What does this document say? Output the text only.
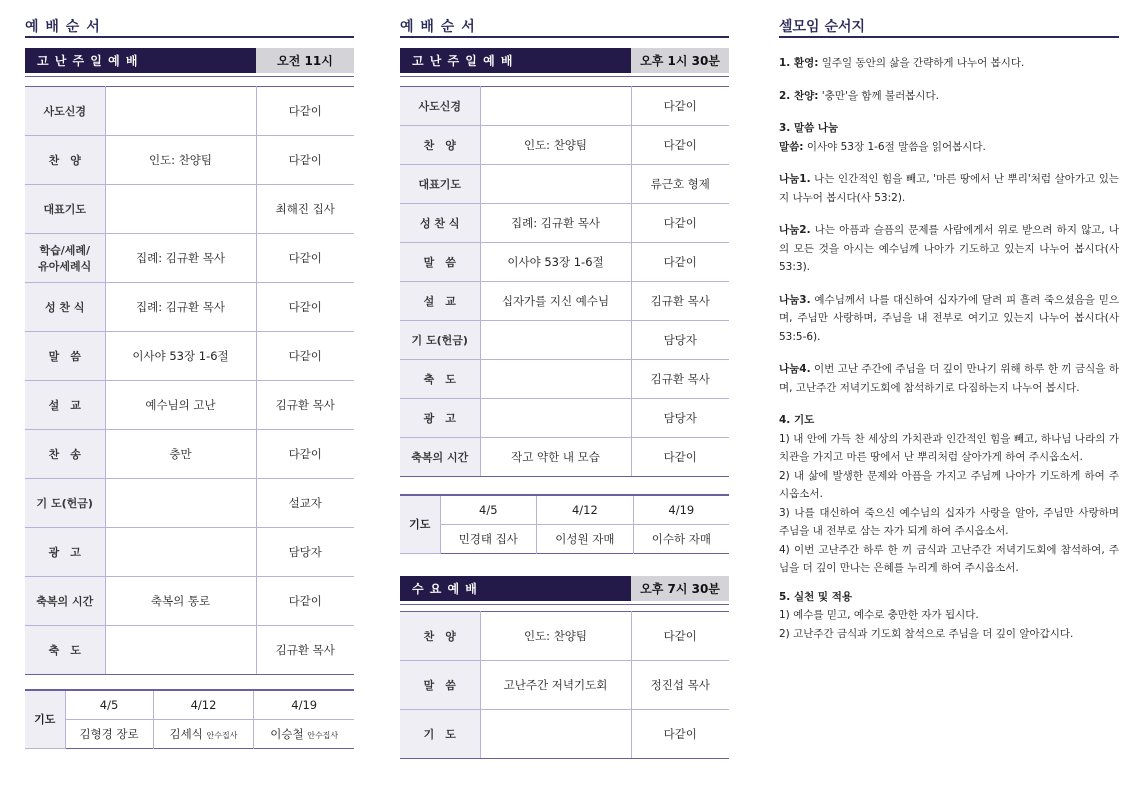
예 배 순 서
고 난 주 일 예 배	오전 11시
사도신경		다같이
찬　양	인도: 찬양팀	다같이
대표기도		최해진 집사
학습/세례/
유아세례식	집례: 김규환 목사	다같이
성 찬 식	집례: 김규환 목사	다같이
말　씀	이사야 53장 1-6절	다같이
설　교	예수님의 고난	김규환 목사
찬　송	충만	다같이
기 도(헌금)		설교자
광　고		담당자
축복의 시간	축복의 통로	다같이
축　도		김규환 목사
기도	4/5	4/12	4/19
	김형경 장로	김세식 안수집사	이승철 안수집사
예 배 순 서
고 난 주 일 예 배	오후 1시 30분
사도신경		다같이
찬　양	인도: 찬양팀	다같이
대표기도		류근호 형제
성 찬 식	집례: 김규환 목사	다같이
말　씀	이사야 53장 1-6절	다같이
설　교	십자가를 지신 예수님	김규환 목사
기 도(헌금)		담당자
축　도		김규환 목사
광　고		담당자
축복의 시간	작고 약한 내 모습	다같이
기도	4/5	4/12	4/19
	민경태 집사	이성원 자매	이수하 자매
수 요 예 배	오후 7시 30분
찬　양	인도: 찬양팀	다같이
말　씀	고난주간 저녁기도회	정진섭 목사
기　도		다같이
셀모임 순서지

1. 환영: 일주일 동안의 삶을 간략하게 나누어 봅시다.

2. 찬양: '충만'을 함께 불러봅시다.

3. 말씀 나눔
말씀: 이사야 53장 1-6절 말씀을 읽어봅시다.

나눔1. 나는 인간적인 힘을 빼고, '마른 땅에서 난 뿌리'처럼 살아가고 있는지 나누어 봅시다(사 53:2).

나눔2. 나는 아픔과 슬픔의 문제를 사람에게서 위로 받으려 하지 않고, 나의 모든 것을 아시는 예수님께 나아가 기도하고 있는지 나누어 봅시다(사 53:3).

나눔3. 예수님께서 나를 대신하여 십자가에 달려 피 흘려 죽으셨음을 믿으며, 주님만 사랑하며, 주님을 내 전부로 여기고 있는지 나누어 봅시다(사 53:5-6).

나눔4. 이번 고난 주간에 주님을 더 깊이 만나기 위해 하루 한 끼 금식을 하며, 고난주간 저녁기도회에 참석하기로 다짐하는지 나누어 봅시다.

4. 기도
1) 내 안에 가득 찬 세상의 가치관과 인간적인 힘을 빼고, 하나님 나라의 가치관을 가지고 마른 땅에서 난 뿌리처럼 살아가게 하여 주시옵소서.
2) 내 삶에 발생한 문제와 아픔을 가지고 주님께 나아가 기도하게 하여 주시옵소서.
3) 나를 대신하여 죽으신 예수님의 십자가 사랑을 알아, 주님만 사랑하며 주님을 내 전부로 삼는 자가 되게 하여 주시옵소서.
4) 이번 고난주간 하루 한 끼 금식과 고난주간 저녁기도회에 참석하여, 주님을 더 깊이 만나는 은혜를 누리게 하여 주시옵소서.

5. 실천 및 적용
1) 예수를 믿고, 예수로 충만한 자가 됩시다.
2) 고난주간 금식과 기도회 참석으로 주님을 더 깊이 알아갑시다.
